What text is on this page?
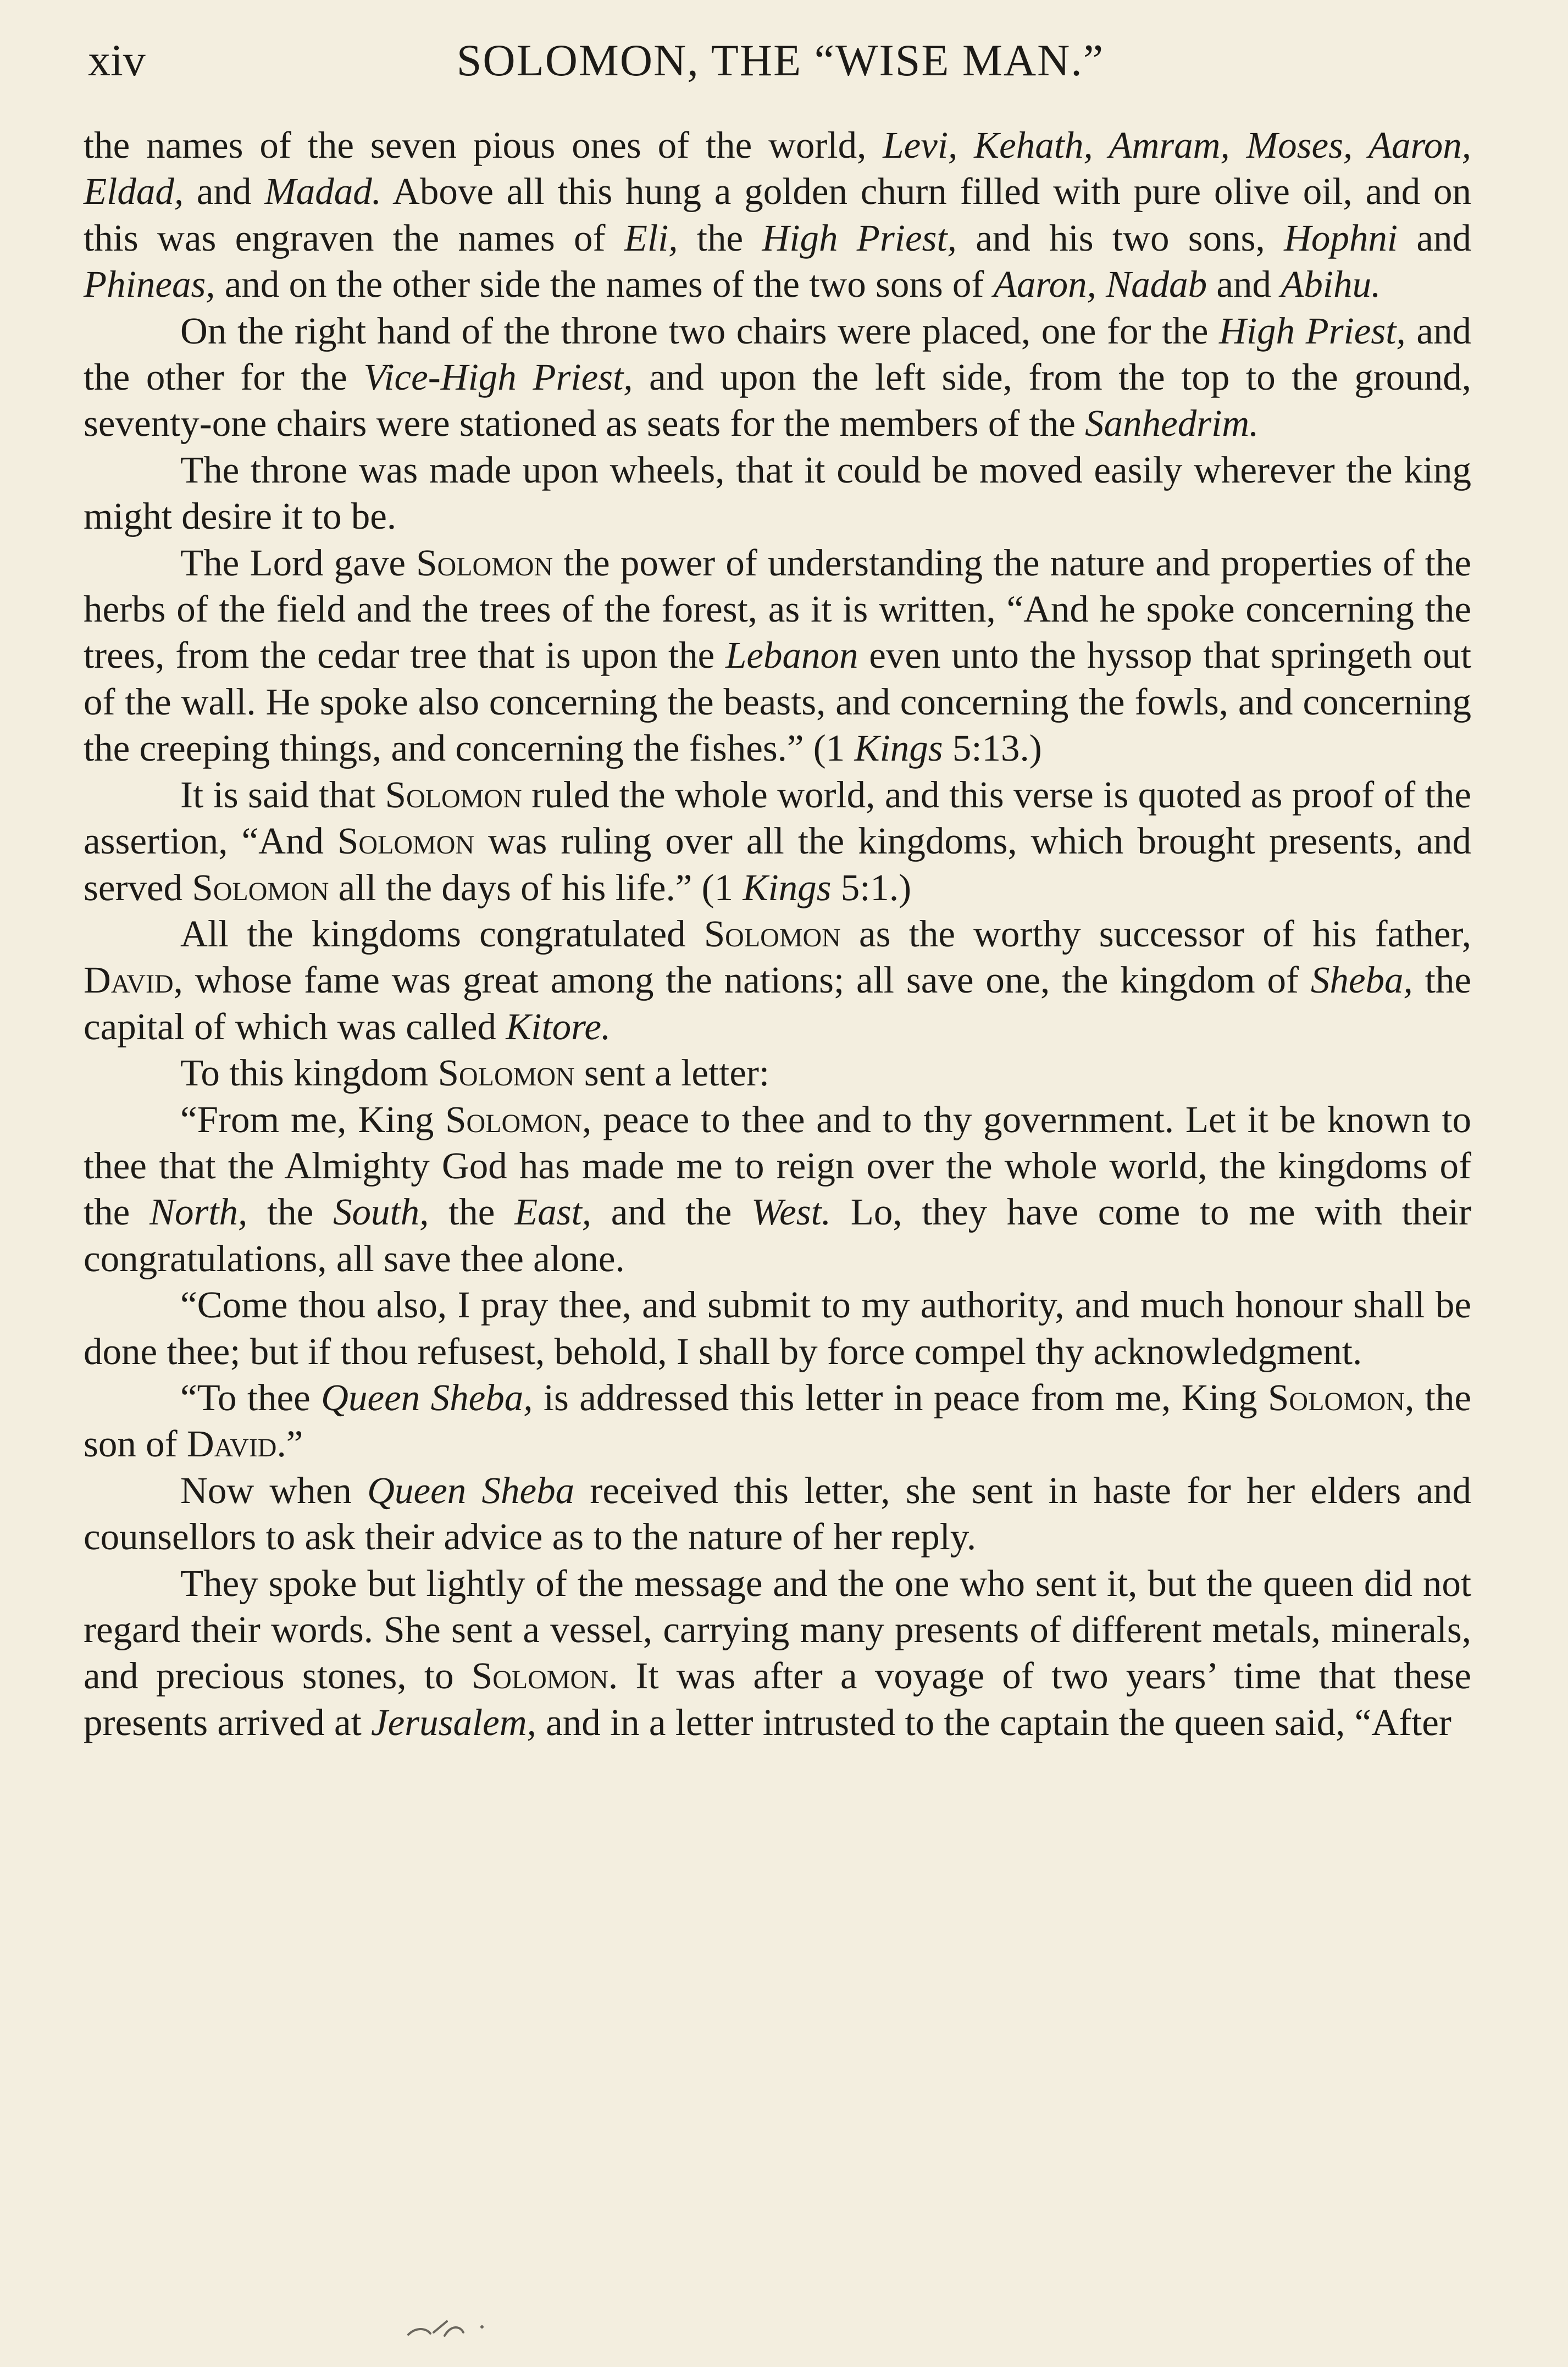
xiv	SOLOMON, THE “WISE MAN.”

the names of the seven pious ones of the world, Levi, Kehath, Amram, Moses, Aaron, Eldad, and Madad. Above all this hung a golden churn filled with pure olive oil, and on this was engraven the names of Eli, the High Priest, and his two sons, Hophni and Phineas, and on the other side the names of the two sons of Aaron, Nadab and Abihu.

On the right hand of the throne two chairs were placed, one for the High Priest, and the other for the Vice-High Priest, and upon the left side, from the top to the ground, seventy-one chairs were stationed as seats for the members of the Sanhedrim.

The throne was made upon wheels, that it could be moved easily wherever the king might desire it to be.

The Lord gave Solomon the power of understanding the nature and properties of the herbs of the field and the trees of the forest, as it is written, “And he spoke concerning the trees, from the cedar tree that is upon the Lebanon even unto the hyssop that springeth out of the wall. He spoke also concerning the beasts, and concerning the fowls, and concerning the creeping things, and concerning the fishes.” (1 Kings 5:13.)

It is said that Solomon ruled the whole world, and this verse is quoted as proof of the assertion, “And Solomon was ruling over all the kingdoms, which brought presents, and served Solomon all the days of his life.” (1 Kings 5:1.)

All the kingdoms congratulated Solomon as the worthy successor of his father, David, whose fame was great among the nations; all save one, the kingdom of Sheba, the capital of which was called Kitore.

To this kingdom Solomon sent a letter:

“From me, King Solomon, peace to thee and to thy government. Let it be known to thee that the Almighty God has made me to reign over the whole world, the kingdoms of the North, the South, the East, and the West. Lo, they have come to me with their congratulations, all save thee alone.

“Come thou also, I pray thee, and submit to my authority, and much honour shall be done thee; but if thou refusest, behold, I shall by force compel thy acknowledgment.

“To thee Queen Sheba, is addressed this letter in peace from me, King Solomon, the son of David.”

Now when Queen Sheba received this letter, she sent in haste for her elders and counsellors to ask their advice as to the nature of her reply.

They spoke but lightly of the message and the one who sent it, but the queen did not regard their words. She sent a vessel, carrying many presents of different metals, minerals, and precious stones, to Solomon. It was after a voyage of two years’ time that these presents arrived at Jerusalem, and in a letter intrusted to the captain the queen said, “After
